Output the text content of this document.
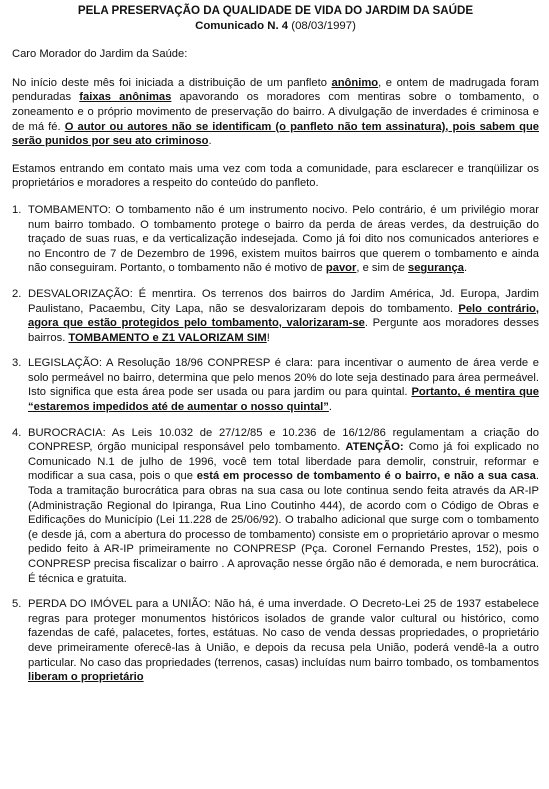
PELA PRESERVAÇÃO DA QUALIDADE DE VIDA DO JARDIM DA SAÚDE
Comunicado N. 4 (08/03/1997)

Caro Morador do Jardim da Saúde:

No início deste mês foi iniciada a distribuição de um panfleto anônimo, e ontem de madrugada foram penduradas faixas anônimas apavorando os moradores com mentiras sobre o tombamento, o zoneamento e o próprio movimento de preservação do bairro. A divulgação de inverdades é criminosa e de má fé. O autor ou autores não se identificam (o panfleto não tem assinatura), pois sabem que serão punidos por seu ato criminoso.

Estamos entrando em contato mais uma vez com toda a comunidade, para esclarecer e tranqüilizar os proprietários e moradores a respeito do conteúdo do panfleto.

1. TOMBAMENTO: O tombamento não é um instrumento nocivo. Pelo contrário, é um privilégio morar num bairro tombado. O tombamento protege o bairro da perda de áreas verdes, da destruição do traçado de suas ruas, e da verticalização indesejada. Como já foi dito nos comunicados anteriores e no Encontro de 7 de Dezembro de 1996, existem muitos bairros que querem o tombamento e ainda não conseguiram. Portanto, o tombamento não é motivo de pavor, e sim de segurança.

2. DESVALORIZAÇÃO: É menrtira. Os terrenos dos bairros do Jardim América, Jd. Europa, Jardim Paulistano, Pacaembu, City Lapa, não se desvalorizaram depois do tombamento. Pelo contrário, agora que estão protegidos pelo tombamento, valorizaram-se. Pergunte aos moradores desses bairros. TOMBAMENTO e Z1 VALORIZAM SIM!

3. LEGISLAÇÃO: A Resolução 18/96 CONPRESP é clara: para incentivar o aumento de área verde e solo permeável no bairro, determina que pelo menos 20% do lote seja destinado para área permeável. Isto significa que esta área pode ser usada ou para jardim ou para quintal. Portanto, é mentira que “estaremos impedidos até de aumentar o nosso quintal”.

4. BUROCRACIA: As Leis 10.032 de 27/12/85 e 10.236 de 16/12/86 regulamentam a criação do CONPRESP, órgão municipal responsável pelo tombamento. ATENÇÃO: Como já foi explicado no Comunicado N.1 de julho de 1996, você tem total liberdade para demolir, construir, reformar e modificar a sua casa, pois o que está em processo de tombamento é o bairro, e não a sua casa. Toda a tramitação burocrática para obras na sua casa ou lote continua sendo feita através da AR-IP (Administração Regional do Ipiranga, Rua Lino Coutinho 444), de acordo com o Código de Obras e Edificações do Município (Lei 11.228 de 25/06/92). O trabalho adicional que surge com o tombamento (e desde já, com a abertura do processo de tombamento) consiste em o proprietário aprovar o mesmo pedido feito à AR-IP primeiramente no CONPRESP (Pça. Coronel Fernando Prestes, 152), pois o CONPRESP precisa fiscalizar o bairro . A aprovação nesse órgão não é demorada, e nem burocrática. É técnica e gratuita.

5. PERDA DO IMÓVEL para a UNIÃO: Não há, é uma inverdade. O Decreto-Lei 25 de 1937 estabelece regras para proteger monumentos históricos isolados de grande valor cultural ou histórico, como fazendas de café, palacetes, fortes, estátuas. No caso de venda dessas propriedades, o proprietário deve primeiramente oferecê-las à União, e depois da recusa pela União, poderá vendê-la a outro particular. No caso das propriedades (terrenos, casas) incluídas num bairro tombado, os tombamentos liberam o proprietário
